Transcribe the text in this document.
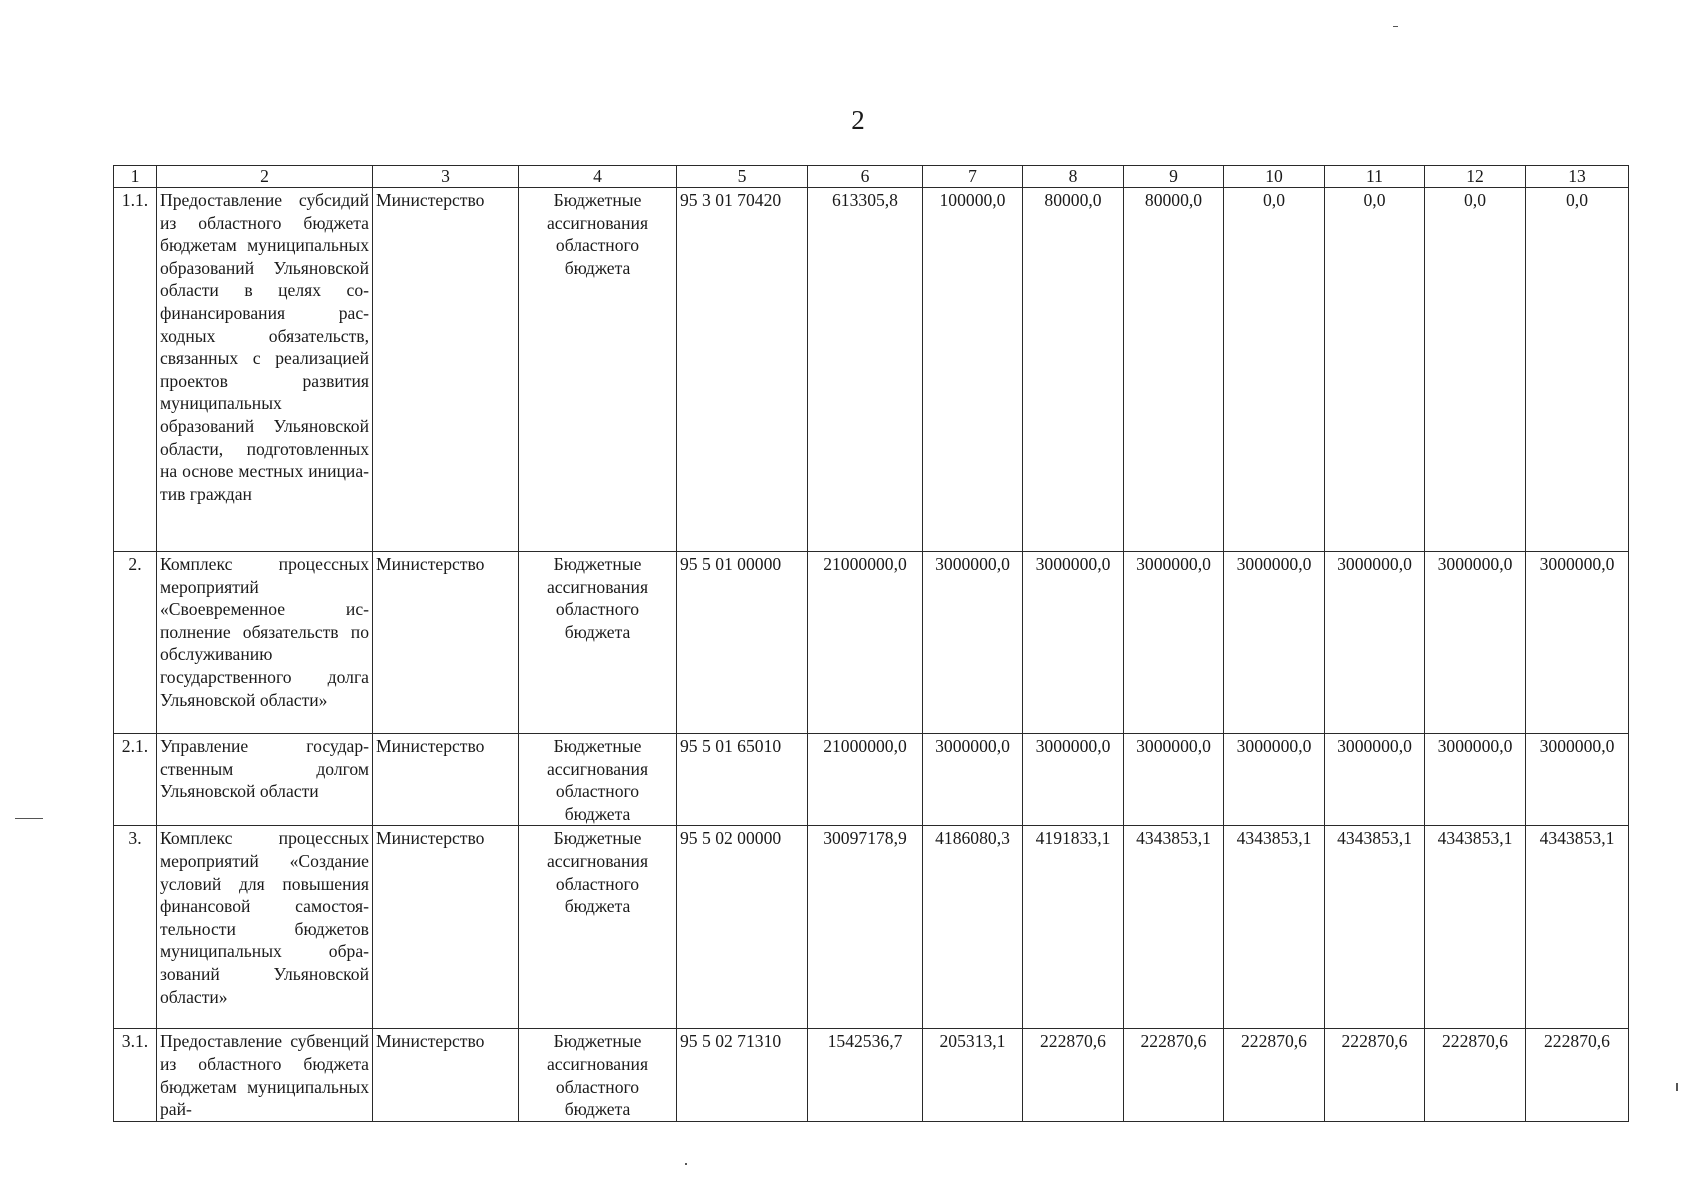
2
1	2	3	4	5	6	7	8	9	10	11	12	13
1.1.	Предоставление субсидий из областного бюджета бюджетам муниципальных образований Ульяновской области в целях софинансирования расходных обязательств, связанных с реализацией проектов развития муниципальных образований Ульяновской области, подготовленных на основе местных инициатив граждан	Министерство	Бюджетные ассигнования областного бюджета	95 3 01 70420	613305,8	100000,0	80000,0	80000,0	0,0	0,0	0,0	0,0
2.	Комплекс процессных мероприятий «Своевременное исполнение обязательств по обслуживанию государственного долга Ульяновской области»	Министерство	Бюджетные ассигнования областного бюджета	95 5 01 00000	21000000,0	3000000,0	3000000,0	3000000,0	3000000,0	3000000,0	3000000,0	3000000,0
2.1.	Управление государственным долгом Ульяновской области	Министерство	Бюджетные ассигнования областного бюджета	95 5 01 65010	21000000,0	3000000,0	3000000,0	3000000,0	3000000,0	3000000,0	3000000,0	3000000,0
3.	Комплекс процессных мероприятий «Создание условий для повышения финансовой самостоятельности бюджетов муниципальных образований Ульяновской области»	Министерство	Бюджетные ассигнования областного бюджета	95 5 02 00000	30097178,9	4186080,3	4191833,1	4343853,1	4343853,1	4343853,1	4343853,1	4343853,1
3.1.	Предоставление субвенций из областного бюджета бюджетам муниципальных рай-	Министерство	Бюджетные ассигнования областного бюджета	95 5 02 71310	1542536,7	205313,1	222870,6	222870,6	222870,6	222870,6	222870,6	222870,6
